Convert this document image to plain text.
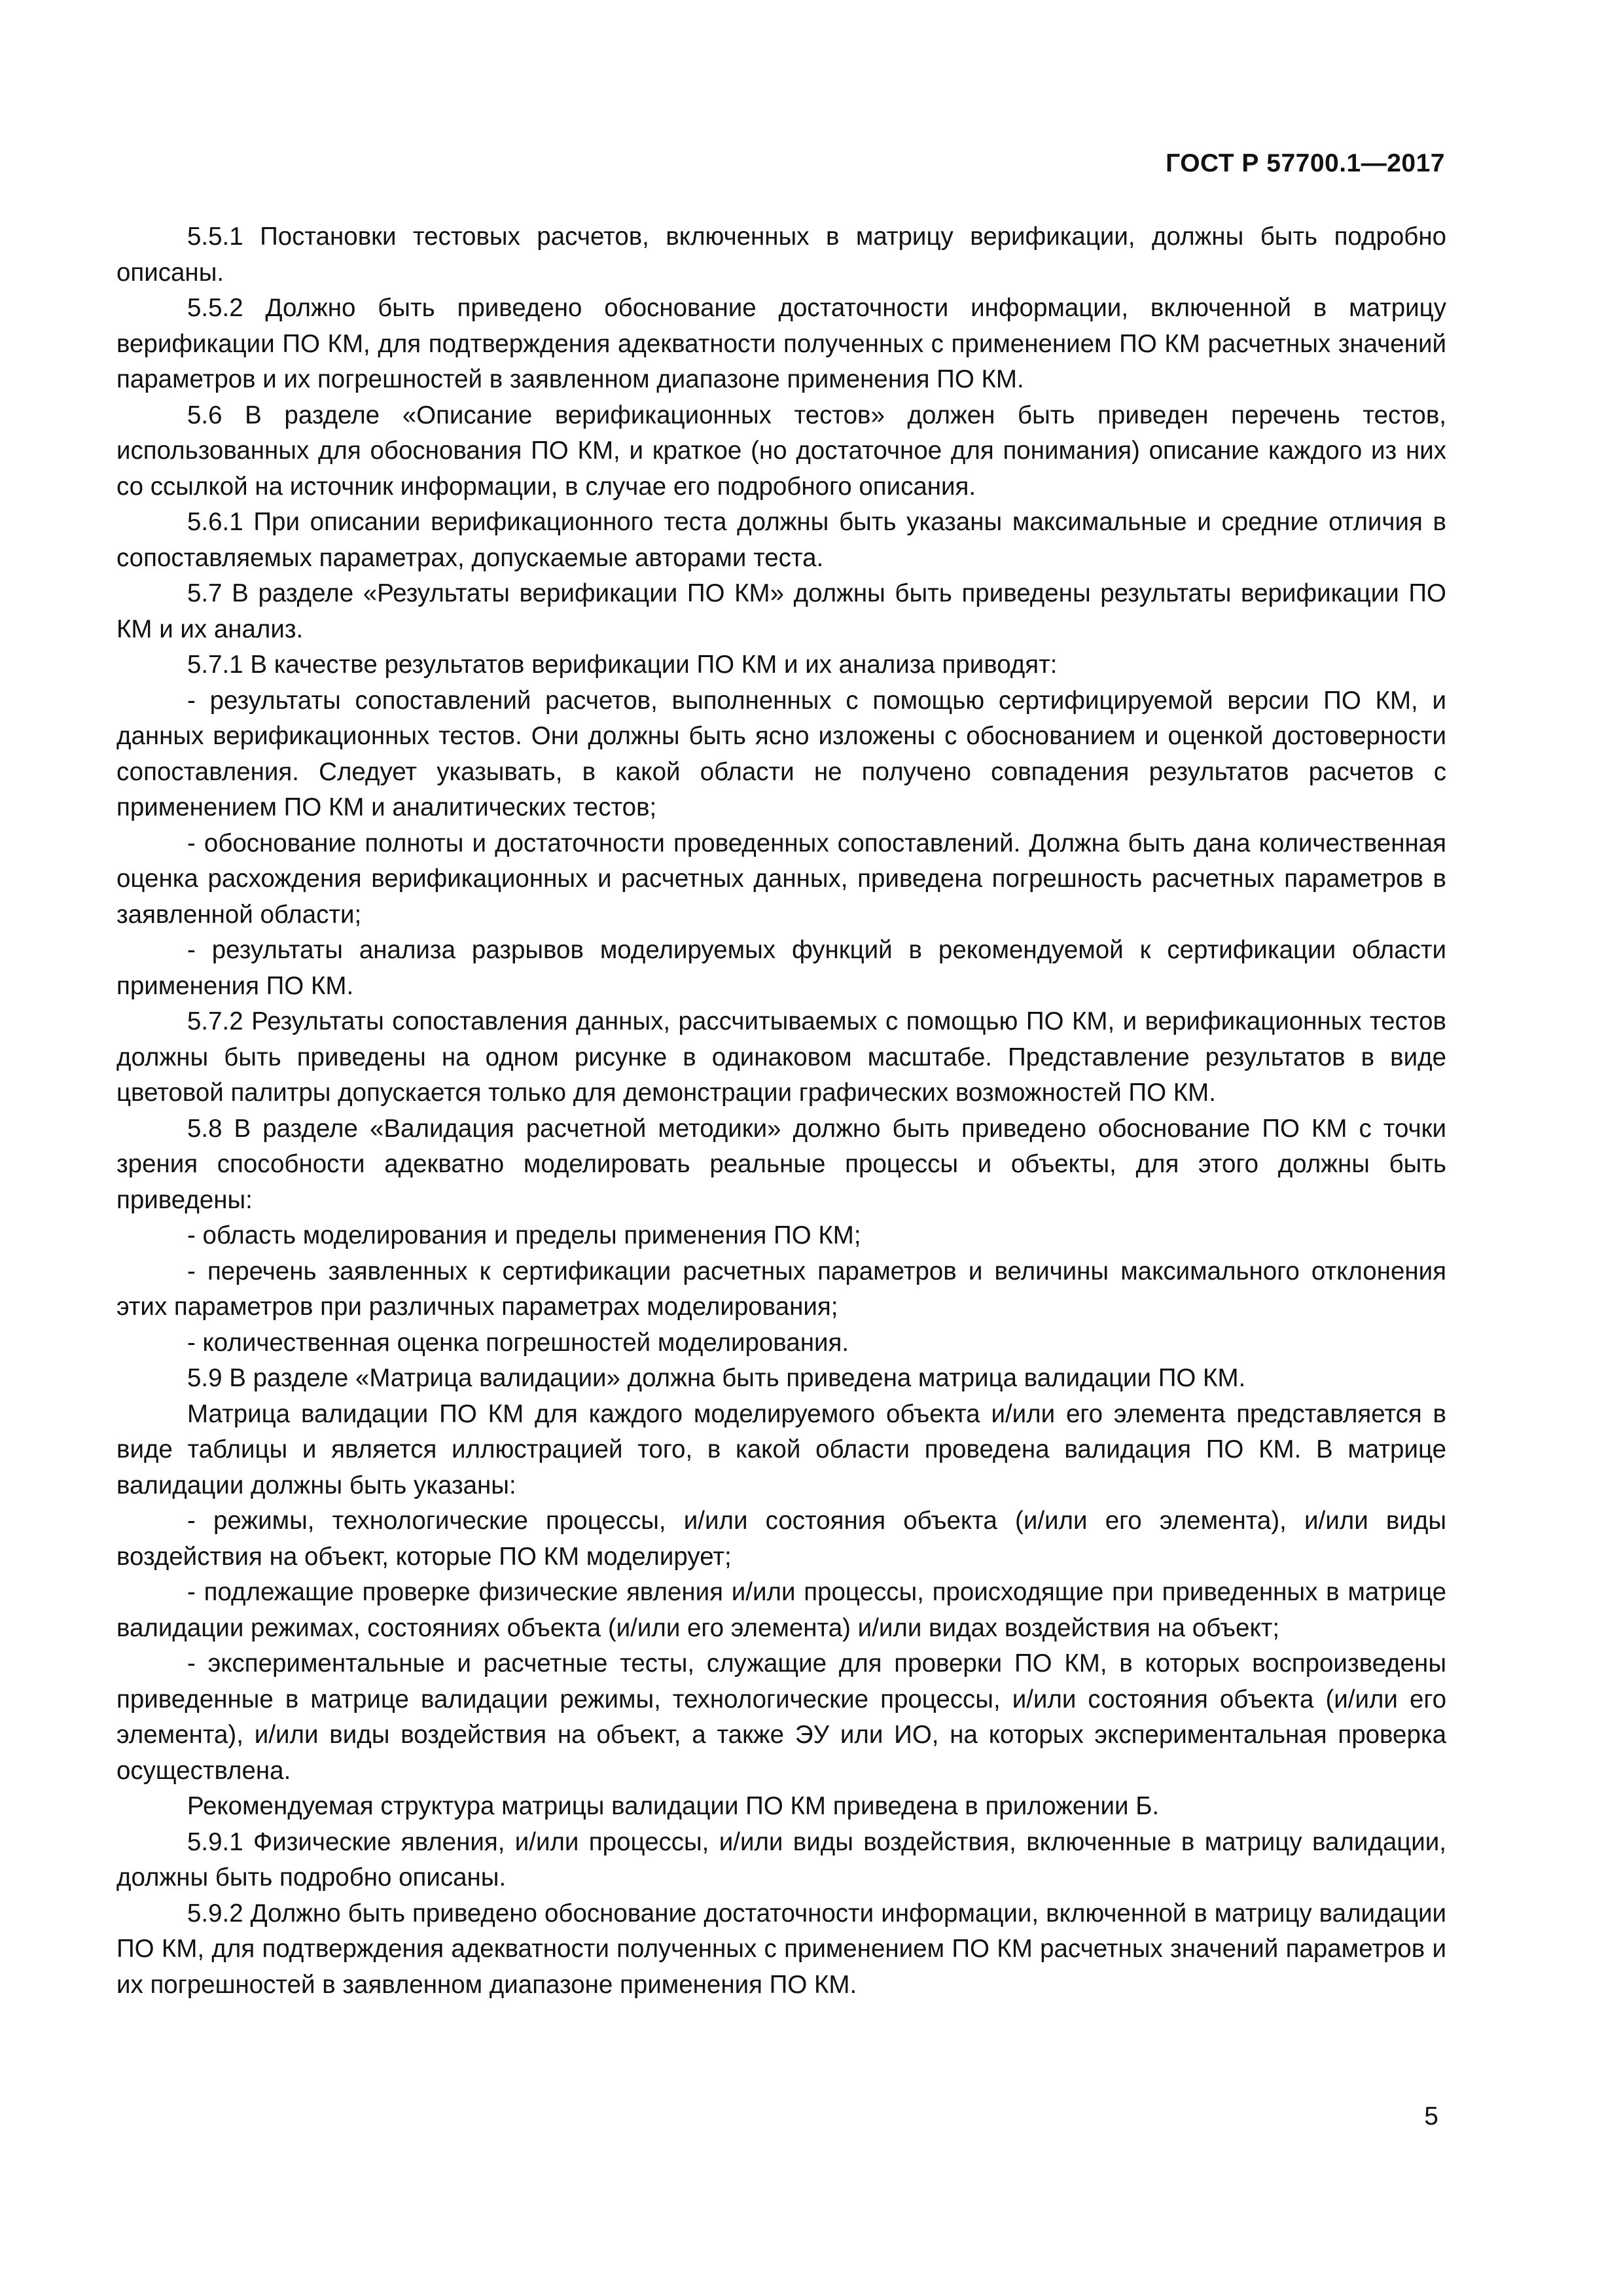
ГОСТ Р 57700.1—2017

5.5.1 Постановки тестовых расчетов, включенных в матрицу верификации, должны быть подробно описаны.

5.5.2 Должно быть приведено обоснование достаточности информации, включенной в матрицу верификации ПО КМ, для подтверждения адекватности полученных с применением ПО КМ расчетных значений параметров и их погрешностей в заявленном диапазоне применения ПО КМ.

5.6 В разделе «Описание верификационных тестов» должен быть приведен перечень тестов, использованных для обоснования ПО КМ, и краткое (но достаточное для понимания) описание каждого из них со ссылкой на источник информации, в случае его подробного описания.

5.6.1 При описании верификационного теста должны быть указаны максимальные и средние отличия в сопоставляемых параметрах, допускаемые авторами теста.

5.7 В разделе «Результаты верификации ПО КМ» должны быть приведены результаты верификации ПО КМ и их анализ.

5.7.1 В качестве результатов верификации ПО КМ и их анализа приводят:

- результаты сопоставлений расчетов, выполненных с помощью сертифицируемой версии ПО КМ, и данных верификационных тестов. Они должны быть ясно изложены с обоснованием и оценкой достоверности сопоставления. Следует указывать, в какой области не получено совпадения результатов расчетов с применением ПО КМ и аналитических тестов;

- обоснование полноты и достаточности проведенных сопоставлений. Должна быть дана количественная оценка расхождения верификационных и расчетных данных, приведена погрешность расчетных параметров в заявленной области;

- результаты анализа разрывов моделируемых функций в рекомендуемой к сертификации области применения ПО КМ.

5.7.2 Результаты сопоставления данных, рассчитываемых с помощью ПО КМ, и верификационных тестов должны быть приведены на одном рисунке в одинаковом масштабе. Представление результатов в виде цветовой палитры допускается только для демонстрации графических возможностей ПО КМ.

5.8 В разделе «Валидация расчетной методики» должно быть приведено обоснование ПО КМ с точки зрения способности адекватно моделировать реальные процессы и объекты, для этого должны быть приведены:

- область моделирования и пределы применения ПО КМ;

- перечень заявленных к сертификации расчетных параметров и величины максимального отклонения этих параметров при различных параметрах моделирования;

- количественная оценка погрешностей моделирования.

5.9 В разделе «Матрица валидации» должна быть приведена матрица валидации ПО КМ.

Матрица валидации ПО КМ для каждого моделируемого объекта и/или его элемента представляется в виде таблицы и является иллюстрацией того, в какой области проведена валидация ПО КМ. В матрице валидации должны быть указаны:

- режимы, технологические процессы, и/или состояния объекта (и/или его элемента), и/или виды воздействия на объект, которые ПО КМ моделирует;

- подлежащие проверке физические явления и/или процессы, происходящие при приведенных в матрице валидации режимах, состояниях объекта (и/или его элемента) и/или видах воздействия на объект;

- экспериментальные и расчетные тесты, служащие для проверки ПО КМ, в которых воспроизведены приведенные в матрице валидации режимы, технологические процессы, и/или состояния объекта (и/или его элемента), и/или виды воздействия на объект, а также ЭУ или ИО, на которых экспериментальная проверка осуществлена.

Рекомендуемая структура матрицы валидации ПО КМ приведена в приложении Б.

5.9.1 Физические явления, и/или процессы, и/или виды воздействия, включенные в матрицу валидации, должны быть подробно описаны.

5.9.2 Должно быть приведено обоснование достаточности информации, включенной в матрицу валидации ПО КМ, для подтверждения адекватности полученных с применением ПО КМ расчетных значений параметров и их погрешностей в заявленном диапазоне применения ПО КМ.

5
